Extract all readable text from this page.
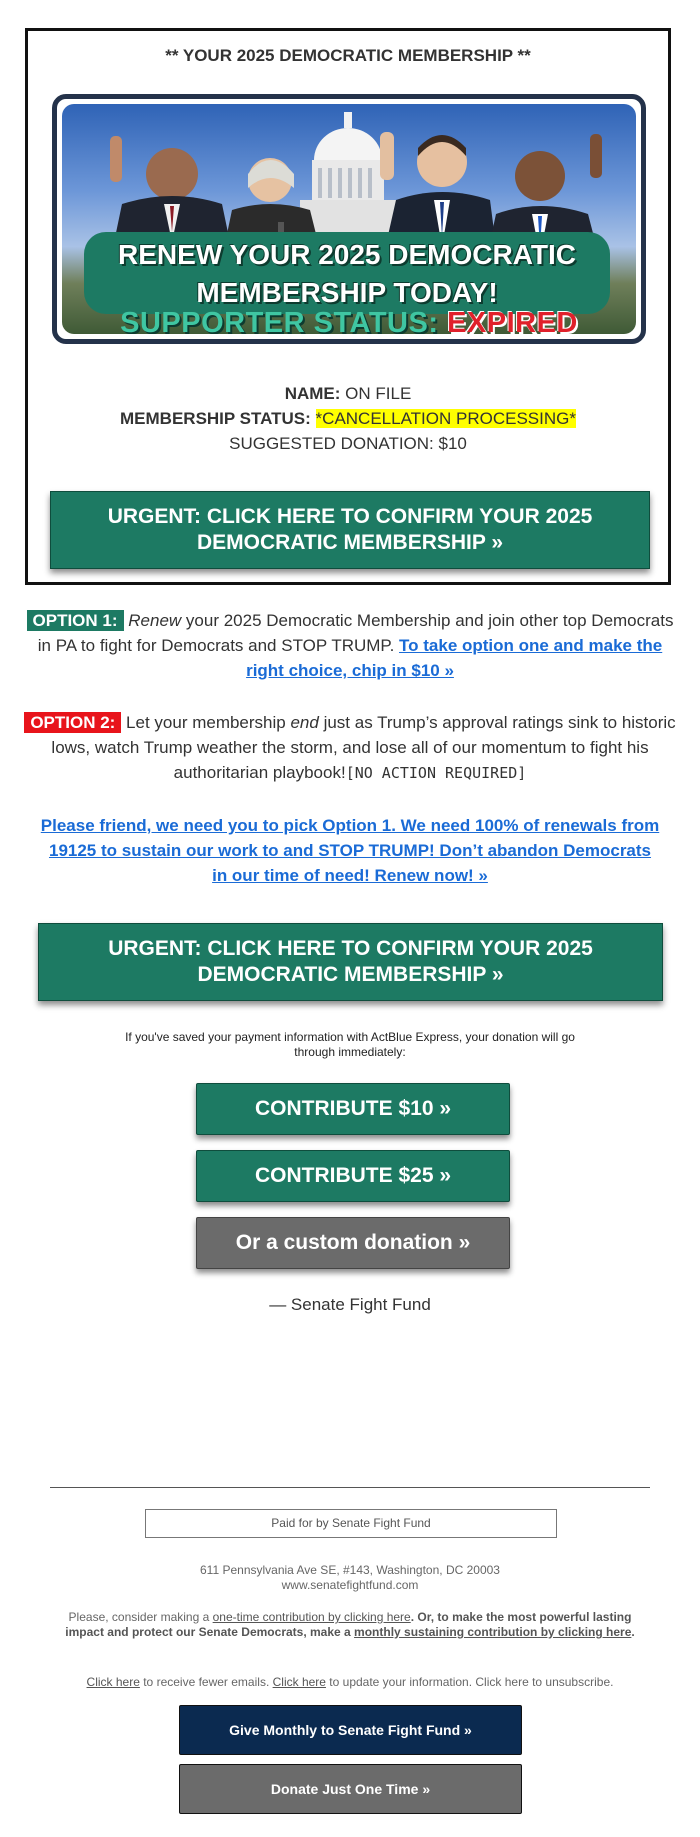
** YOUR 2025 DEMOCRATIC MEMBERSHIP **
RENEW YOUR 2025 DEMOCRATIC
MEMBERSHIP TODAY!
SUPPORTER STATUS: EXPIRED
NAME: ON FILE
MEMBERSHIP STATUS: *CANCELLATION PROCESSING*
SUGGESTED DONATION: $10
URGENT: CLICK HERE TO CONFIRM YOUR 2025
DEMOCRATIC MEMBERSHIP »
OPTION 1: Renew your 2025 Democratic Membership and join other top Democrats in PA to fight for Democrats and STOP TRUMP. To take option one and make the right choice, chip in $10 »
OPTION 2: Let your membership end just as Trump’s approval ratings sink to historic lows, watch Trump weather the storm, and lose all of our momentum to fight his authoritarian playbook![NO ACTION REQUIRED]
Please friend, we need you to pick Option 1. We need 100% of renewals from 19125 to sustain our work to and STOP TRUMP! Don’t abandon Democrats in our time of need! Renew now! »
URGENT: CLICK HERE TO CONFIRM YOUR 2025
DEMOCRATIC MEMBERSHIP »
If you've saved your payment information with ActBlue Express, your donation will go through immediately:
CONTRIBUTE $10 »
CONTRIBUTE $25 »
Or a custom donation »
— Senate Fight Fund
Paid for by Senate Fight Fund
611 Pennsylvania Ave SE, #143, Washington, DC 20003
www.senatefightfund.com
Please, consider making a one-time contribution by clicking here. Or, to make the most powerful lasting impact and protect our Senate Democrats, make a monthly sustaining contribution by clicking here.
Click here to receive fewer emails. Click here to update your information. Click here to unsubscribe.
Give Monthly to Senate Fight Fund »
Donate Just One Time »
